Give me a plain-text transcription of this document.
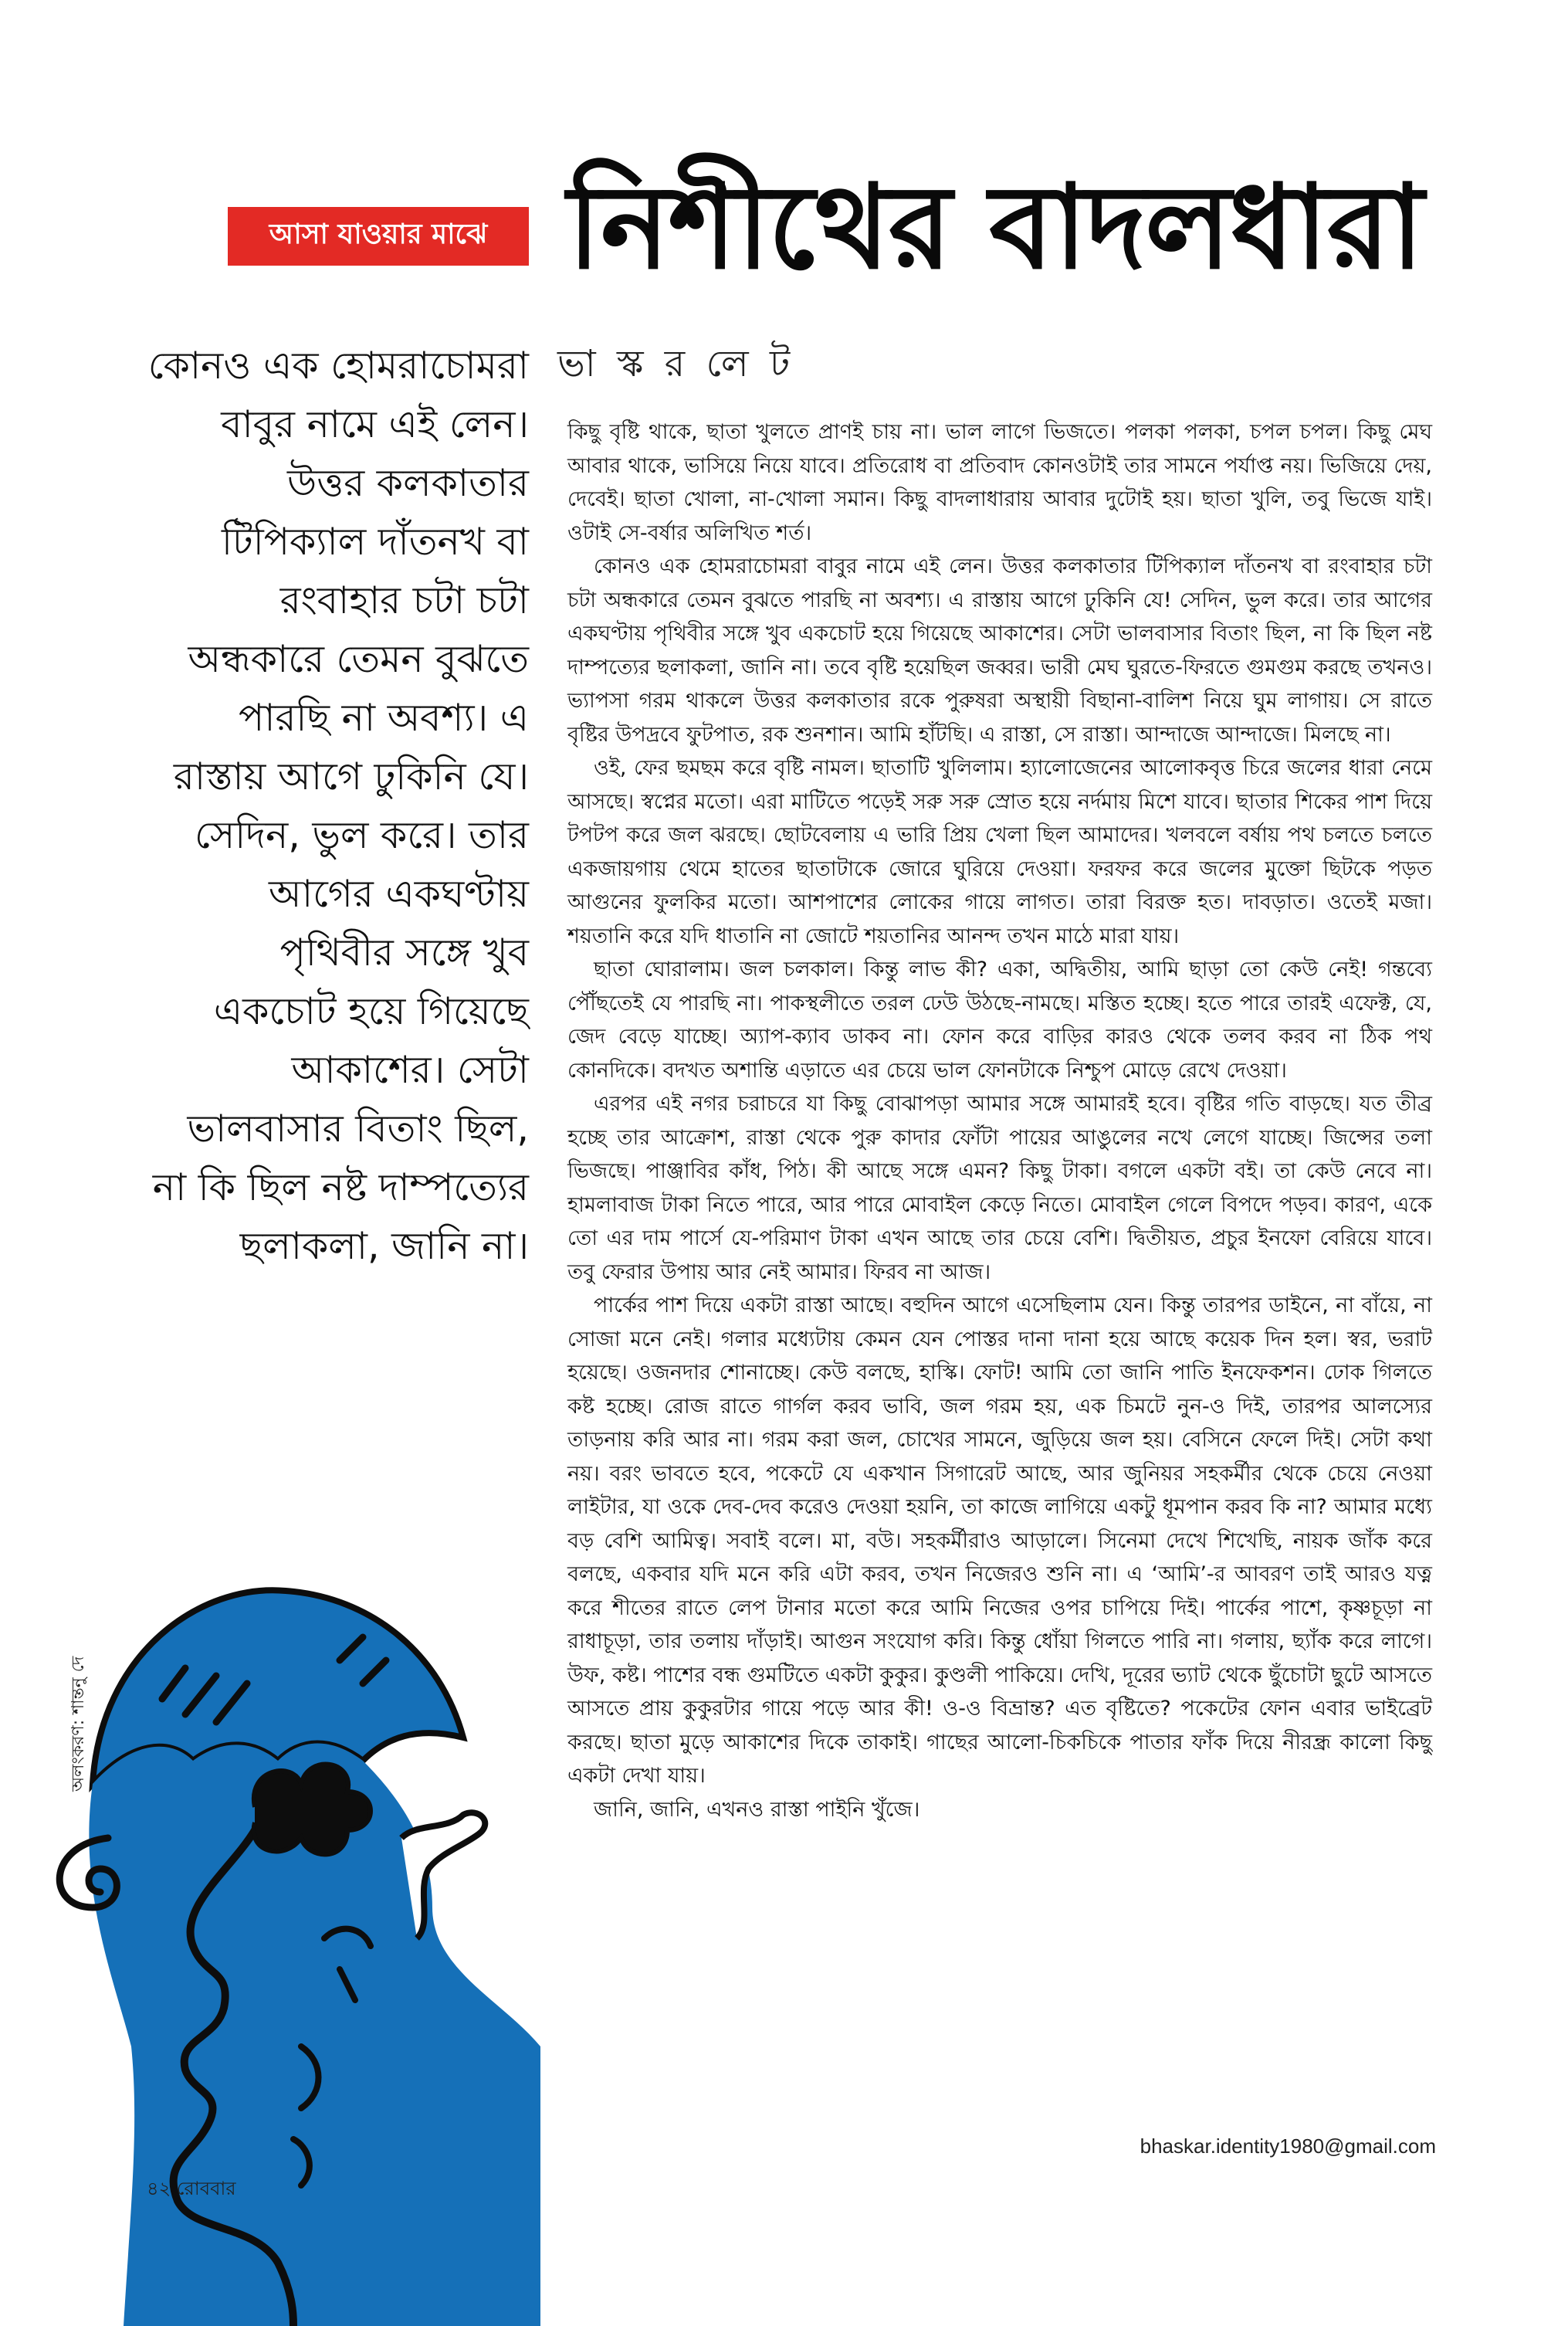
আসা যাওয়ার মাঝে নিশীথের বাদলধারা
ভা স্ক র লে ট

কোনও এক হোমরাচোমরা বাবুর নামে এই লেন। উত্তর কলকাতার টিপিক্যাল দাঁতনখ বা রংবাহার চটা চটা অন্ধকারে তেমন বুঝতে পারছি না অবশ্য। এ রাস্তায় আগে ঢুকিনি যে। সেদিন, ভুল করে। তার আগের একঘণ্টায় পৃথিবীর সঙ্গে খুব একচোট হয়ে গিয়েছে আকাশের। সেটা ভালবাসার বিতাং ছিল, না কি ছিল নষ্ট দাম্পত্যের ছলাকলা, জানি না।

কিছু বৃষ্টি থাকে, ছাতা খুলতে প্রাণই চায় না। ভাল লাগে ভিজতে। পলকা পলকা, চপল চপল। কিছু মেঘ আবার থাকে, ভাসিয়ে নিয়ে যাবে। প্রতিরোধ বা প্রতিবাদ কোনওটাই তার সামনে পর্যাপ্ত নয়। ভিজিয়ে দেয়, দেবেই। ছাতা খোলা, না-খোলা সমান। কিছু বাদলাধারায় আবার দুটোই হয়। ছাতা খুলি, তবু ভিজে যাই। ওটাই সে-বর্ষার অলিখিত শর্ত।

কোনও এক হোমরাচোমরা বাবুর নামে এই লেন। উত্তর কলকাতার টিপিক্যাল দাঁতনখ বা রংবাহার চটা চটা অন্ধকারে তেমন বুঝতে পারছি না অবশ্য। এ রাস্তায় আগে ঢুকিনি যে! সেদিন, ভুল করে। তার আগের একঘণ্টায় পৃথিবীর সঙ্গে খুব একচোট হয়ে গিয়েছে আকাশের। সেটা ভালবাসার বিতাং ছিল, না কি ছিল নষ্ট দাম্পত্যের ছলাকলা, জানি না। তবে বৃষ্টি হয়েছিল জব্বর। ভারী মেঘ ঘুরতে-ফিরতে গুমগুম করছে তখনও। ভ্যাপসা গরম থাকলে উত্তর কলকাতার রকে পুরুষরা অস্থায়ী বিছানা-বালিশ নিয়ে ঘুম লাগায়। সে রাতে বৃষ্টির উপদ্রবে ফুটপাত, রক শুনশান। আমি হাঁটছি। এ রাস্তা, সে রাস্তা। আন্দাজে আন্দাজে। মিলছে না।

ওই, ফের ছমছম করে বৃষ্টি নামল। ছাতাটি খুলিলাম। হ্যালোজেনের আলোকবৃত্ত চিরে জলের ধারা নেমে আসছে। স্বপ্নের মতো। এরা মাটিতে পড়েই সরু সরু স্রোত হয়ে নর্দমায় মিশে যাবে। ছাতার শিকের পাশ দিয়ে টপটপ করে জল ঝরছে। ছোটবেলায় এ ভারি প্রিয় খেলা ছিল আমাদের। খলবলে বর্ষায় পথ চলতে চলতে একজায়গায় থেমে হাতের ছাতাটাকে জোরে ঘুরিয়ে দেওয়া। ফরফর করে জলের মুক্তো ছিটকে পড়ত আগুনের ফুলকির মতো। আশপাশের লোকের গায়ে লাগত। তারা বিরক্ত হত। দাবড়াত। ওতেই মজা। শয়তানি করে যদি ধাতানি না জোটে শয়তানির আনন্দ তখন মাঠে মারা যায়।

ছাতা ঘোরালাম। জল চলকাল। কিন্তু লাভ কী? একা, অদ্বিতীয়, আমি ছাড়া তো কেউ নেই! গন্তব্যে পৌঁছতেই যে পারছি না। পাকস্থলীতে তরল ঢেউ উঠছে-নামছে। মস্তিত হচ্ছে। হতে পারে তারই এফেক্ট, যে, জেদ বেড়ে যাচ্ছে। অ্যাপ-ক্যাব ডাকব না। ফোন করে বাড়ির কারও থেকে তলব করব না ঠিক পথ কোনদিকে। বদখত অশান্তি এড়াতে এর চেয়ে ভাল ফোনটাকে নিশ্চুপ মোড়ে রেখে দেওয়া।

এরপর এই নগর চরাচরে যা কিছু বোঝাপড়া আমার সঙ্গে আমারই হবে। বৃষ্টির গতি বাড়ছে। যত তীব্র হচ্ছে তার আক্রোশ, রাস্তা থেকে পুরু কাদার ফোঁটা পায়ের আঙুলের নখে লেগে যাচ্ছে। জিন্সের তলা ভিজছে। পাঞ্জাবির কাঁধ, পিঠ। কী আছে সঙ্গে এমন? কিছু টাকা। বগলে একটা বই। তা কেউ নেবে না। হামলাবাজ টাকা নিতে পারে, আর পারে মোবাইল কেড়ে নিতে। মোবাইল গেলে বিপদে পড়ব। কারণ, একে তো এর দাম পার্সে যে-পরিমাণ টাকা এখন আছে তার চেয়ে বেশি। দ্বিতীয়ত, প্রচুর ইনফো বেরিয়ে যাবে। তবু ফেরার উপায় আর নেই আমার। ফিরব না আজ।

পার্কের পাশ দিয়ে একটা রাস্তা আছে। বহুদিন আগে এসেছিলাম যেন। কিন্তু তারপর ডাইনে, না বাঁয়ে, না সোজা মনে নেই। গলার মধ্যেটায় কেমন যেন পোস্তর দানা দানা হয়ে আছে কয়েক দিন হল। স্বর, ভরাট হয়েছে। ওজনদার শোনাচ্ছে। কেউ বলছে, হাস্কি। ফোট! আমি তো জানি পাতি ইনফেকশন। ঢোক গিলতে কষ্ট হচ্ছে। রোজ রাতে গার্গল করব ভাবি, জল গরম হয়, এক চিমটে নুন-ও দিই, তারপর আলস্যের তাড়নায় করি আর না। গরম করা জল, চোখের সামনে, জুড়িয়ে জল হয়। বেসিনে ফেলে দিই। সেটা কথা নয়। বরং ভাবতে হবে, পকেটে যে একখান সিগারেট আছে, আর জুনিয়র সহকর্মীর থেকে চেয়ে নেওয়া লাইটার, যা ওকে দেব-দেব করেও দেওয়া হয়নি, তা কাজে লাগিয়ে একটু ধূমপান করব কি না? আমার মধ্যে বড় বেশি আমিত্ব। সবাই বলে। মা, বউ। সহকর্মীরাও আড়ালে। সিনেমা দেখে শিখেছি, নায়ক জাঁক করে বলছে, একবার যদি মনে করি এটা করব, তখন নিজেরও শুনি না। এ ‘আমি’-র আবরণ তাই আরও যত্ন করে শীতের রাতে লেপ টানার মতো করে আমি নিজের ওপর চাপিয়ে দিই। পার্কের পাশে, কৃষ্ণচূড়া না রাধাচূড়া, তার তলায় দাঁড়াই। আগুন সংযোগ করি। কিন্তু ধোঁয়া গিলতে পারি না। গলায়, ছ্যাঁক করে লাগে। উফ, কষ্ট। পাশের বন্ধ গুমটিতে একটা কুকুর। কুণ্ডলী পাকিয়ে। দেখি, দূরের ভ্যাট থেকে ছুঁচোটা ছুটে আসতে আসতে প্রায় কুকুরটার গায়ে পড়ে আর কী! ও-ও বিভ্রান্ত? এত বৃষ্টিতে? পকেটের ফোন এবার ভাইব্রেট করছে। ছাতা মুড়ে আকাশের দিকে তাকাই। গাছের আলো-চিকচিকে পাতার ফাঁক দিয়ে নীরন্ধ্র কালো কিছু একটা দেখা যায়।

জানি, জানি, এখনও রাস্তা পাইনি খুঁজে।

bhaskar.identity1980@gmail.com
অলংকরণ: শান্তনু দে
৪২ রোববার
